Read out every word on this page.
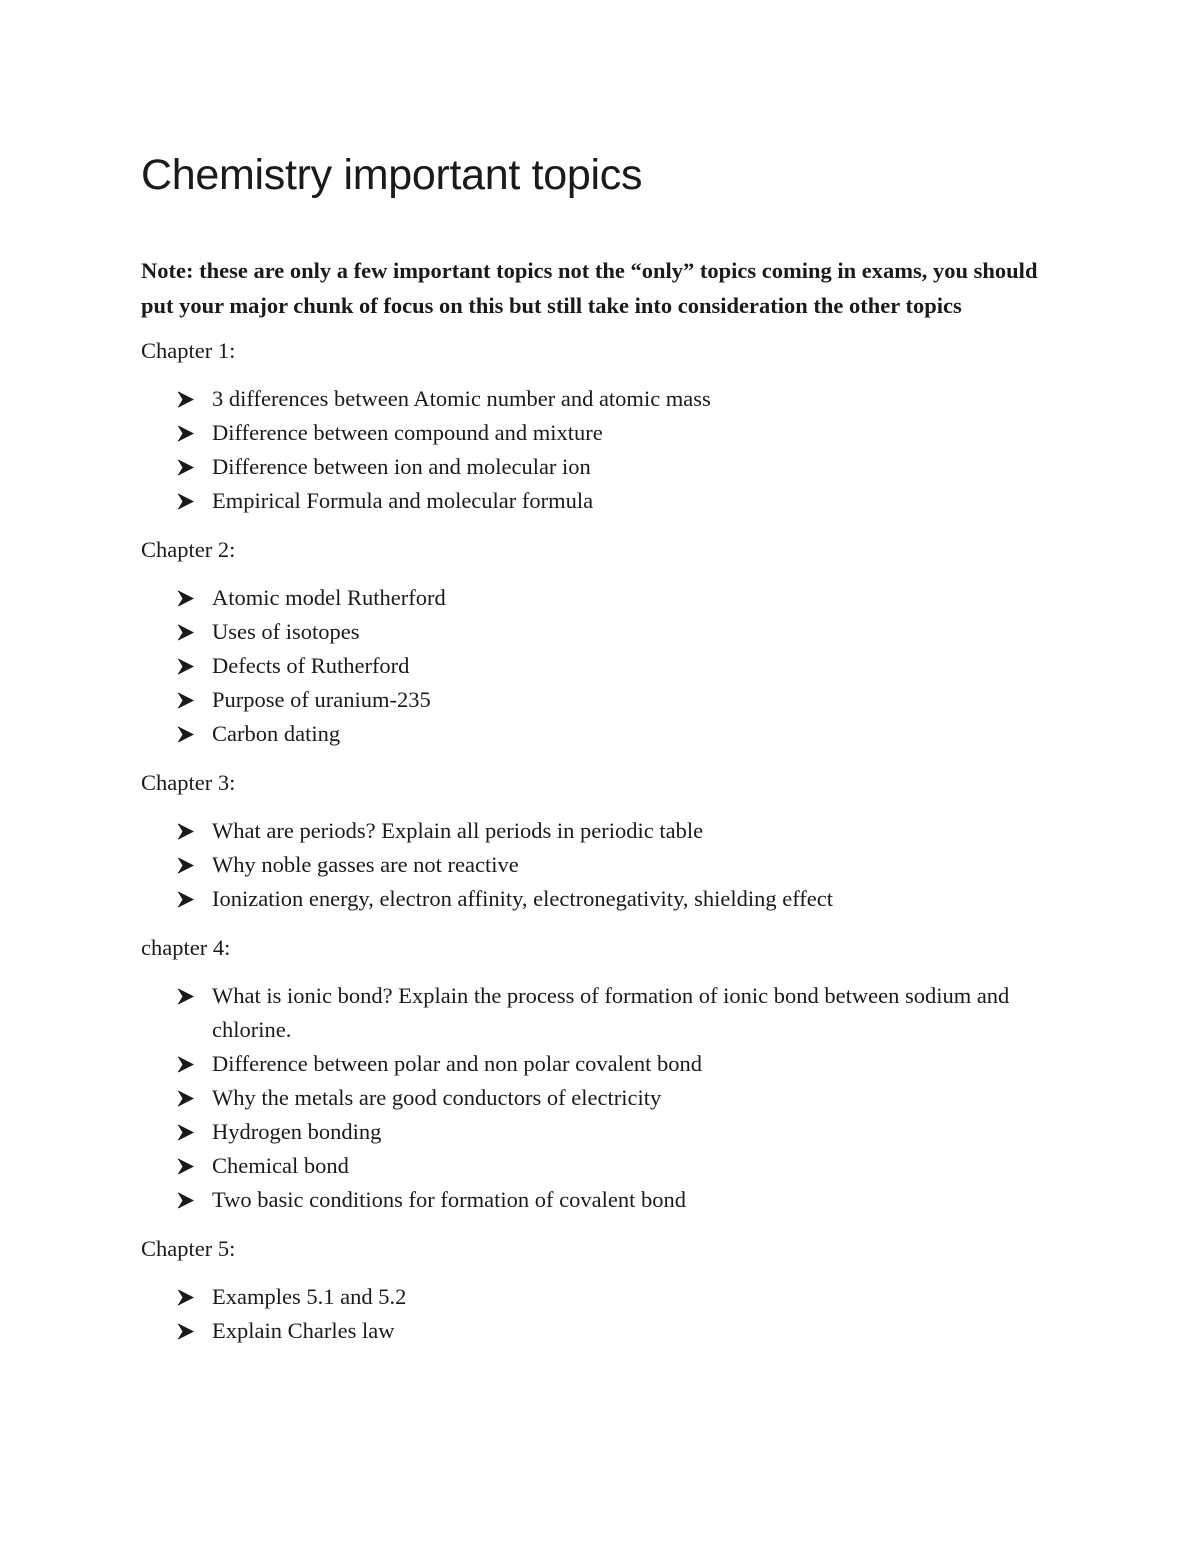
Chemistry important topics

Note: these are only a few important topics not the “only” topics coming in exams, you should put your major chunk of focus on this but still take into consideration the other topics

Chapter 1:
3 differences between Atomic number and atomic mass
Difference between compound and mixture
Difference between ion and molecular ion
Empirical Formula and molecular formula
Chapter 2:
Atomic model Rutherford
Uses of isotopes
Defects of Rutherford
Purpose of uranium-235
Carbon dating
Chapter 3:
What are periods? Explain all periods in periodic table
Why noble gasses are not reactive
Ionization energy, electron affinity, electronegativity, shielding effect
chapter 4:
What is ionic bond? Explain the process of formation of ionic bond between sodium and chlorine.
Difference between polar and non polar covalent bond
Why the metals are good conductors of electricity
Hydrogen bonding
Chemical bond
Two basic conditions for formation of covalent bond
Chapter 5:
Examples 5.1 and 5.2
Explain Charles law
